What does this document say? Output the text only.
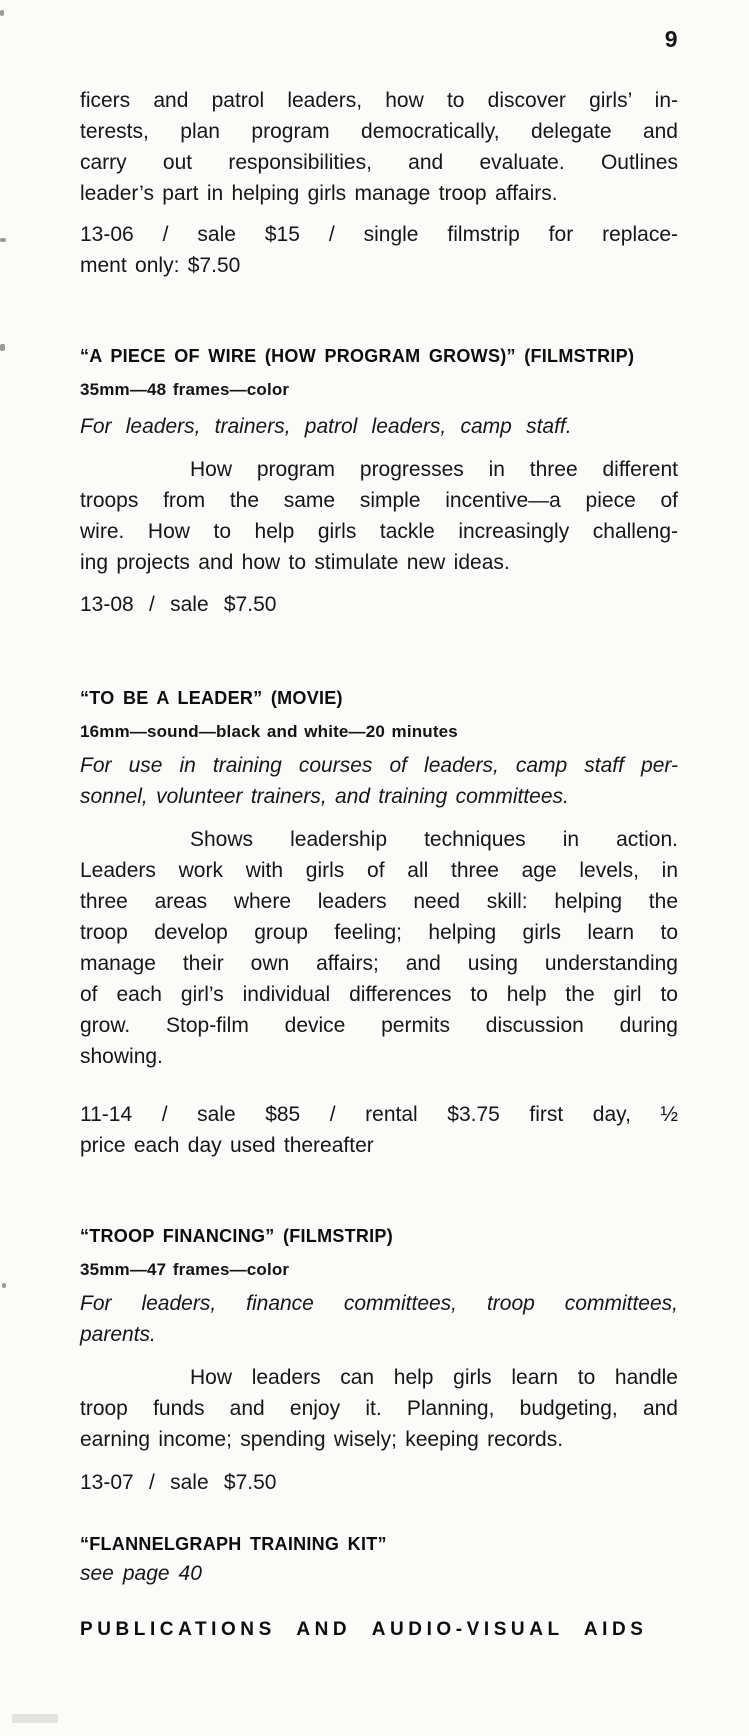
9
ficers and patrol leaders, how to discover girls’ in-
terests, plan program democratically, delegate and
carry out responsibilities, and evaluate. Outlines
leader’s part in helping girls manage troop affairs.
13-06 / sale $15 / single filmstrip for replace-
ment only: $7.50
“A PIECE OF WIRE (HOW PROGRAM GROWS)” (FILMSTRIP)
35mm—48 frames—color
For leaders, trainers, patrol leaders, camp staff.
How program progresses in three different
troops from the same simple incentive—a piece of
wire. How to help girls tackle increasingly challeng-
ing projects and how to stimulate new ideas.
13-08 / sale $7.50
“TO BE A LEADER” (MOVIE)
16mm—sound—black and white—20 minutes
For use in training courses of leaders, camp staff per-
sonnel, volunteer trainers, and training committees.
Shows leadership techniques in action.
Leaders work with girls of all three age levels, in
three areas where leaders need skill: helping the
troop develop group feeling; helping girls learn to
manage their own affairs; and using understanding
of each girl’s individual differences to help the girl to
grow. Stop-film device permits discussion during
showing.
11-14 / sale $85 / rental $3.75 first day, ½
price each day used thereafter
“TROOP FINANCING” (FILMSTRIP)
35mm—47 frames—color
For leaders, finance committees, troop committees,
parents.
How leaders can help girls learn to handle
troop funds and enjoy it. Planning, budgeting, and
earning income; spending wisely; keeping records.
13-07 / sale $7.50
“FLANNELGRAPH TRAINING KIT”
see page 40
PUBLICATIONS AND AUDIO-VISUAL AIDS
